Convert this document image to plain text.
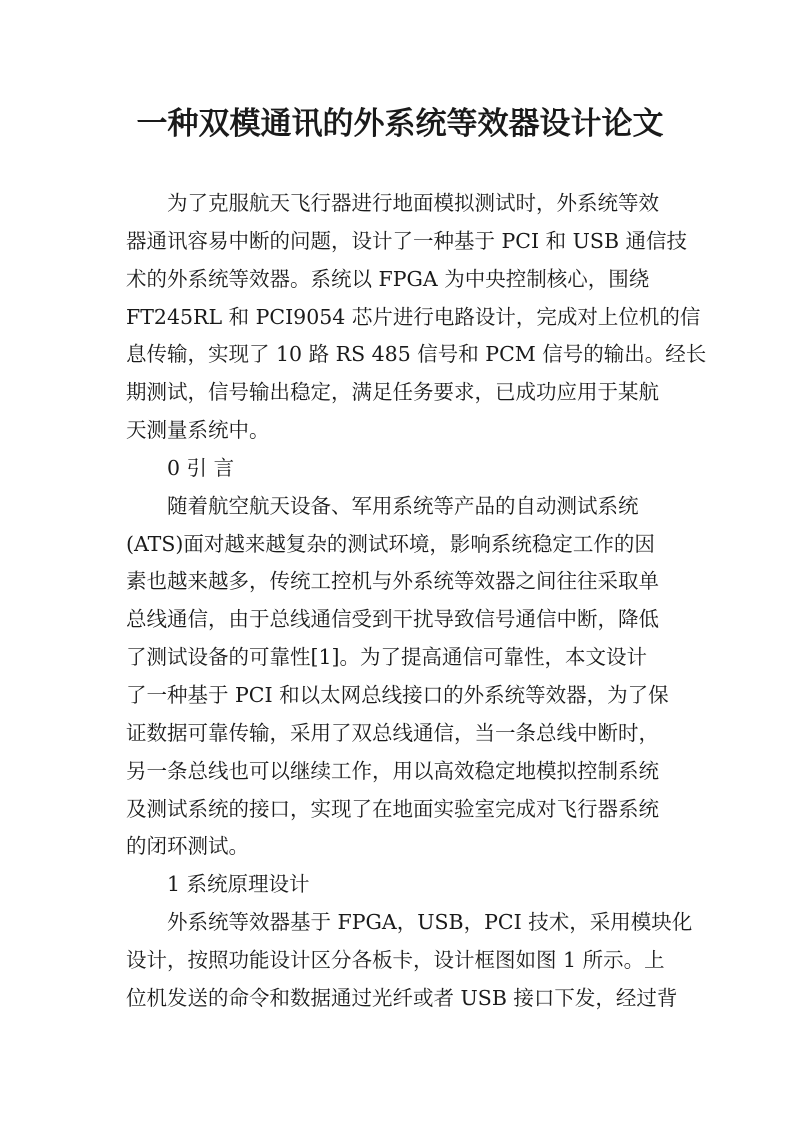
一种双模通讯的外系统等效器设计论文
为了克服航天飞行器进行地面模拟测试时，外系统等效
器通讯容易中断的问题，设计了一种基于 PCI 和 USB 通信技
术的外系统等效器。系统以 FPGA 为中央控制核心，围绕
FT245RL 和 PCI9054 芯片进行电路设计，完成对上位机的信
息传输，实现了 10 路 RS 485 信号和 PCM 信号的输出。经长
期测试，信号输出稳定，满足任务要求，已成功应用于某航
天测量系统中。
0 引 言
随着航空航天设备、军用系统等产品的自动测试系统
(ATS)面对越来越复杂的测试环境，影响系统稳定工作的因
素也越来越多，传统工控机与外系统等效器之间往往采取单
总线通信，由于总线通信受到干扰导致信号通信中断，降低
了测试设备的可靠性[1]。为了提高通信可靠性，本文设计
了一种基于 PCI 和以太网总线接口的外系统等效器，为了保
证数据可靠传输，采用了双总线通信，当一条总线中断时，
另一条总线也可以继续工作，用以高效稳定地模拟控制系统
及测试系统的接口，实现了在地面实验室完成对飞行器系统
的闭环测试。
1 系统原理设计
外系统等效器基于 FPGA，USB，PCI 技术，采用模块化
设计，按照功能设计区分各板卡，设计框图如图 1 所示。上
位机发送的命令和数据通过光纤或者 USB 接口下发，经过背
